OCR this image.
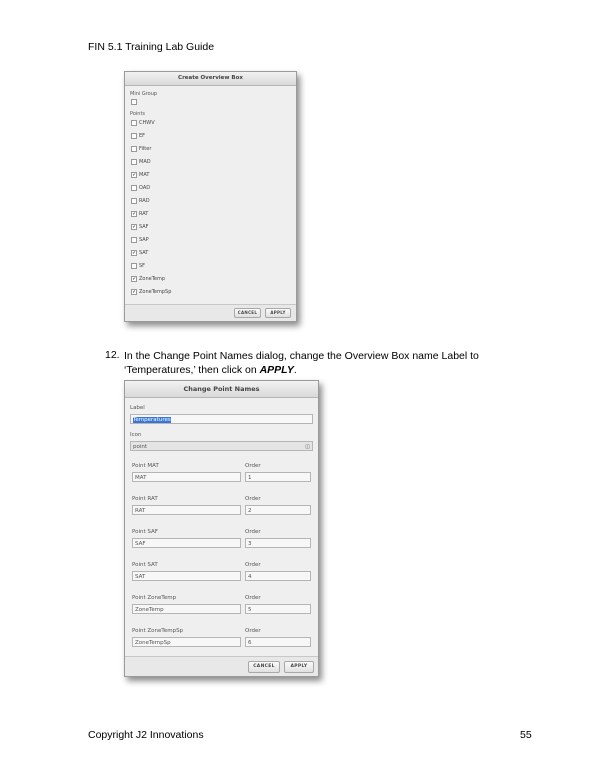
FIN 5.1 Training Lab Guide
Create Overview Box
Mini Group
Points
CHWV
EF
Filter
MAD
✔ MAT
OAD
RAD
✔ RAT
✔ SAF
SAP
✔ SAT
SF
✔ ZoneTemp
✔ ZoneTempSp
CANCEL	APPLY
12. In the Change Point Names dialog, change the Overview Box name Label to ‘Temperatures,’ then click on APPLY.
Change Point Names
Label
Temperatures
Icon
point	◫
Point MAT	Order
MAT	1
Point RAT	Order
RAT	2
Point SAF	Order
SAF	3
Point SAT	Order
SAT	4
Point ZoneTemp	Order
ZoneTemp	5
Point ZoneTempSp	Order
ZoneTempSp	6
CANCEL	APPLY
Copyright J2 Innovations	55
